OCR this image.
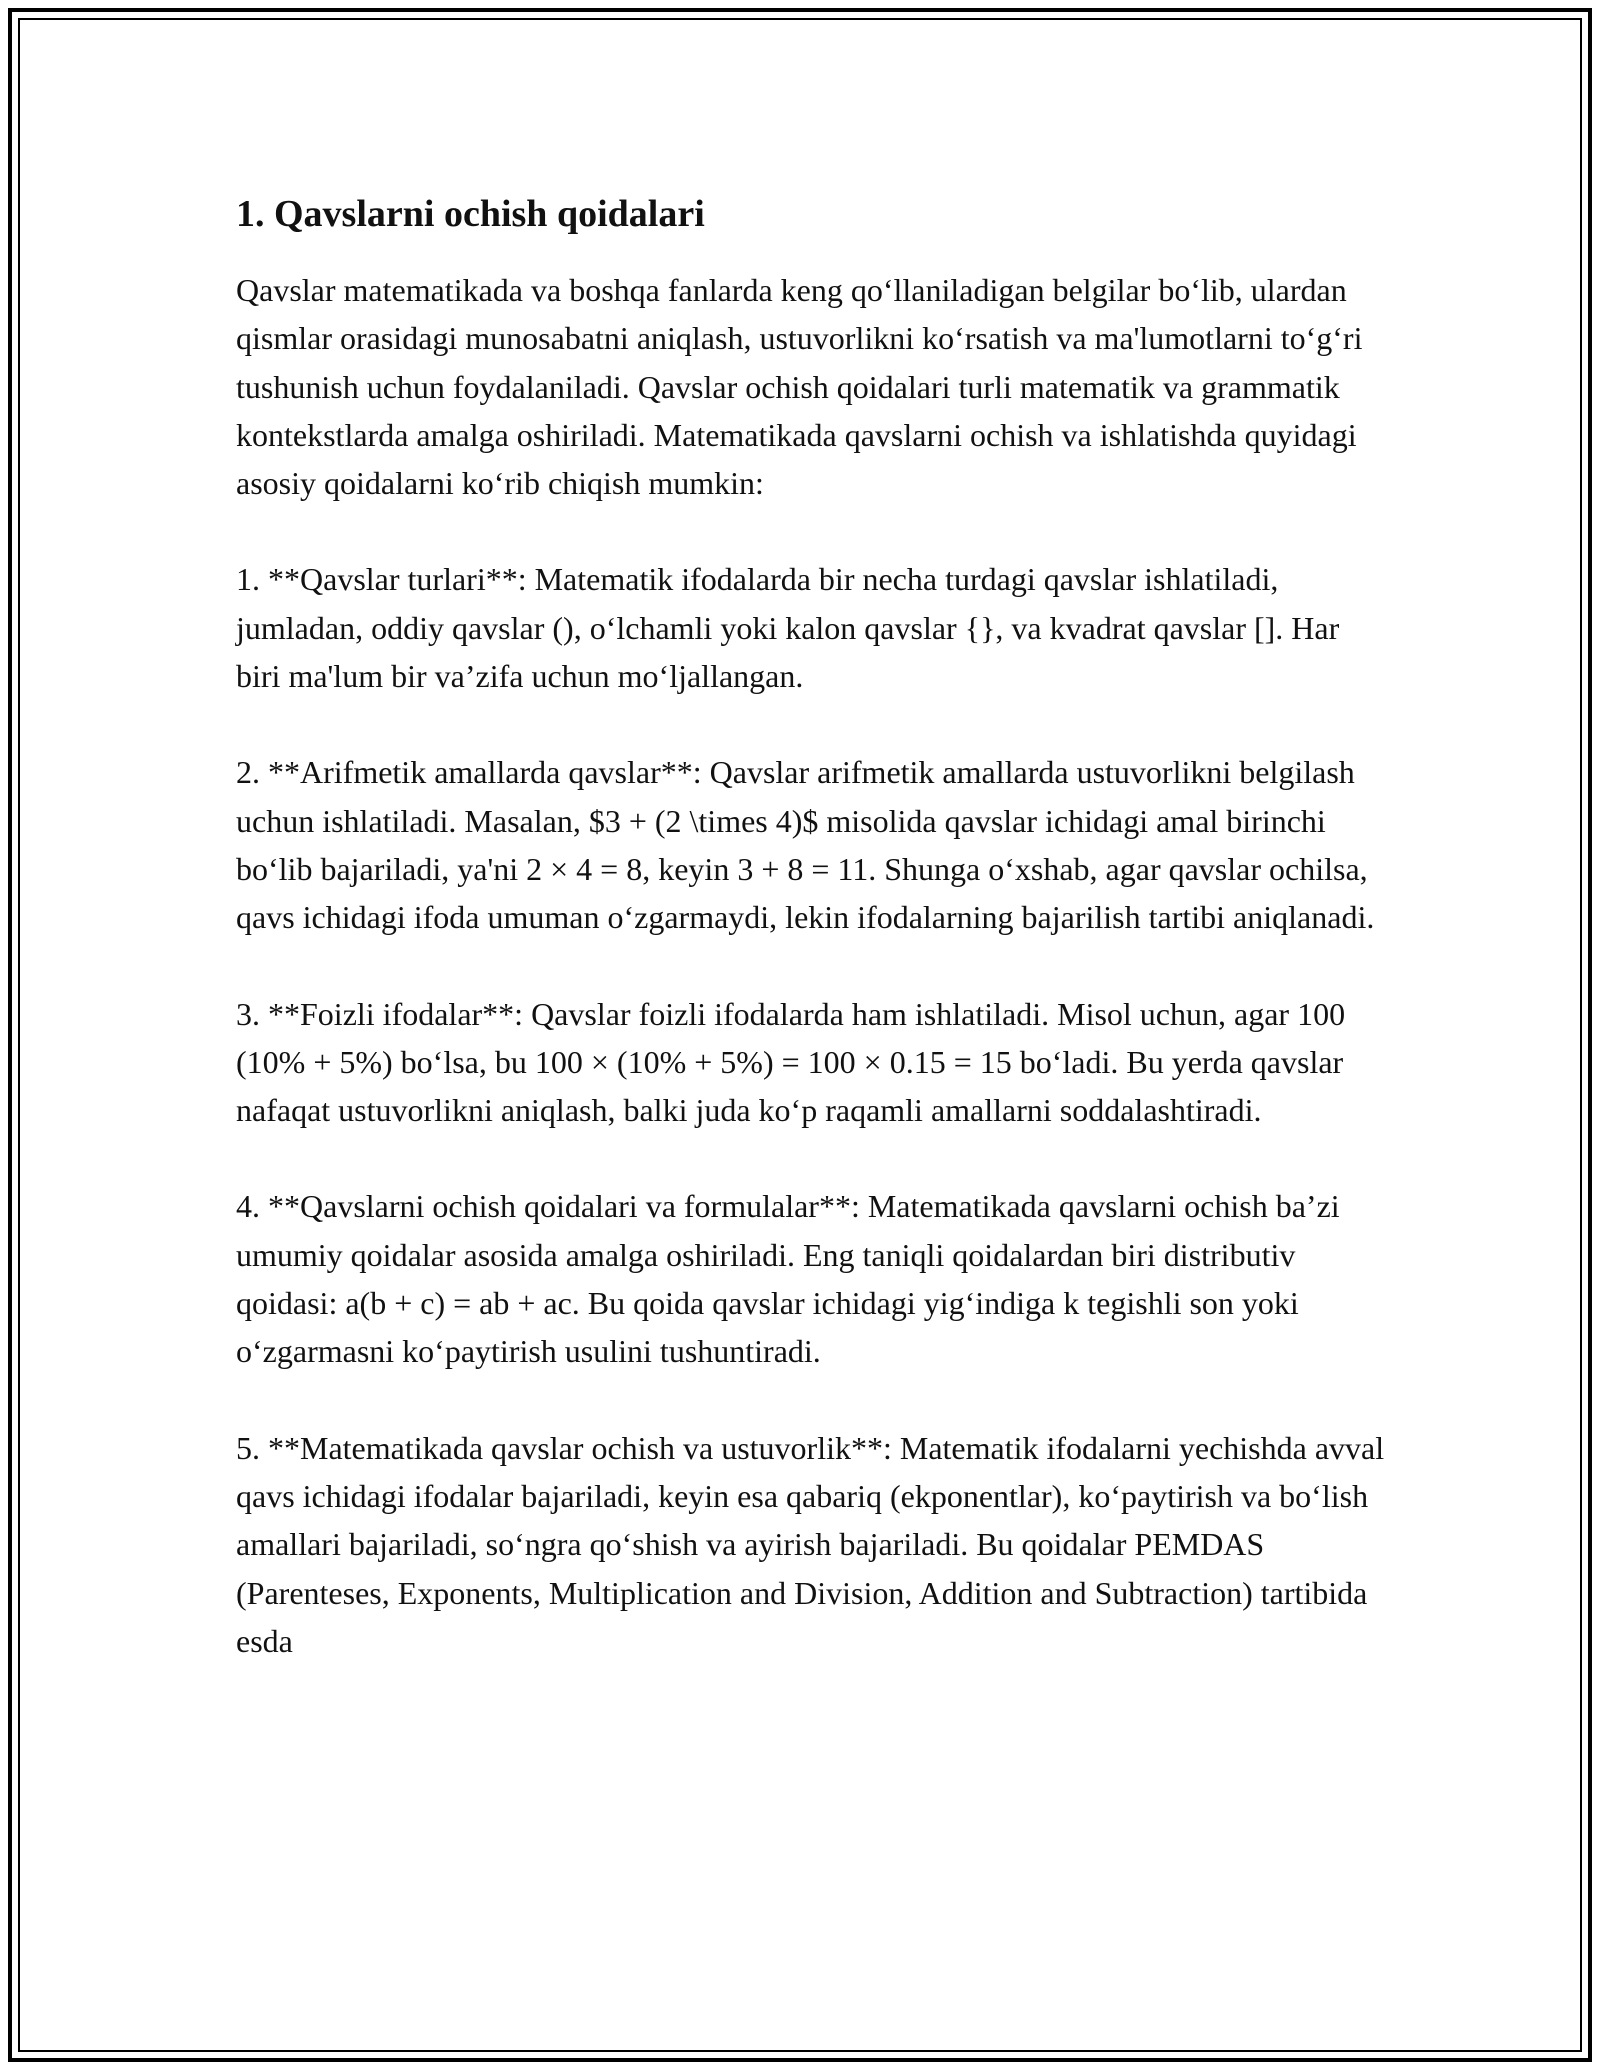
1. Qavslarni ochish qoidalari

Qavslar matematikada va boshqa fanlarda keng qo‘llaniladigan belgilar bo‘lib, ulardan qismlar orasidagi munosabatni aniqlash, ustuvorlikni ko‘rsatish va ma'lumotlarni to‘g‘ri tushunish uchun foydalaniladi. Qavslar ochish qoidalari turli matematik va grammatik kontekstlarda amalga oshiriladi. Matematikada qavslarni ochish va ishlatishda quyidagi asosiy qoidalarni ko‘rib chiqish mumkin:

1. **Qavslar turlari**: Matematik ifodalarda bir necha turdagi qavslar ishlatiladi, jumladan, oddiy qavslar (), o‘lchamli yoki kalon qavslar {}, va kvadrat qavslar []. Har biri ma'lum bir va’zifa uchun mo‘ljallangan.

2. **Arifmetik amallarda qavslar**: Qavslar arifmetik amallarda ustuvorlikni belgilash uchun ishlatiladi. Masalan, $3 + (2 \times 4)$ misolida qavslar ichidagi amal birinchi bo‘lib bajariladi, ya'ni 2 × 4 = 8, keyin 3 + 8 = 11. Shunga o‘xshab, agar qavslar ochilsa, qavs ichidagi ifoda umuman o‘zgarmaydi, lekin ifodalarning bajarilish tartibi aniqlanadi.

3. **Foizli ifodalar**: Qavslar foizli ifodalarda ham ishlatiladi. Misol uchun, agar 100 (10% + 5%) bo‘lsa, bu 100 × (10% + 5%) = 100 × 0.15 = 15 bo‘ladi. Bu yerda qavslar nafaqat ustuvorlikni aniqlash, balki juda ko‘p raqamli amallarni soddalashtiradi.

4. **Qavslarni ochish qoidalari va formulalar**: Matematikada qavslarni ochish ba’zi umumiy qoidalar asosida amalga oshiriladi. Eng taniqli qoidalardan biri distributiv qoidasi: a(b + c) = ab + ac. Bu qoida qavslar ichidagi yig‘indiga k tegishli son yoki o‘zgarmasni ko‘paytirish usulini tushuntiradi.

5. **Matematikada qavslar ochish va ustuvorlik**: Matematik ifodalarni yechishda avval qavs ichidagi ifodalar bajariladi, keyin esa qabariq (ekponentlar), ko‘paytirish va bo‘lish amallari bajariladi, so‘ngra qo‘shish va ayirish bajariladi. Bu qoidalar PEMDAS (Parenteses, Exponents, Multiplication and Division, Addition and Subtraction) tartibida esda
